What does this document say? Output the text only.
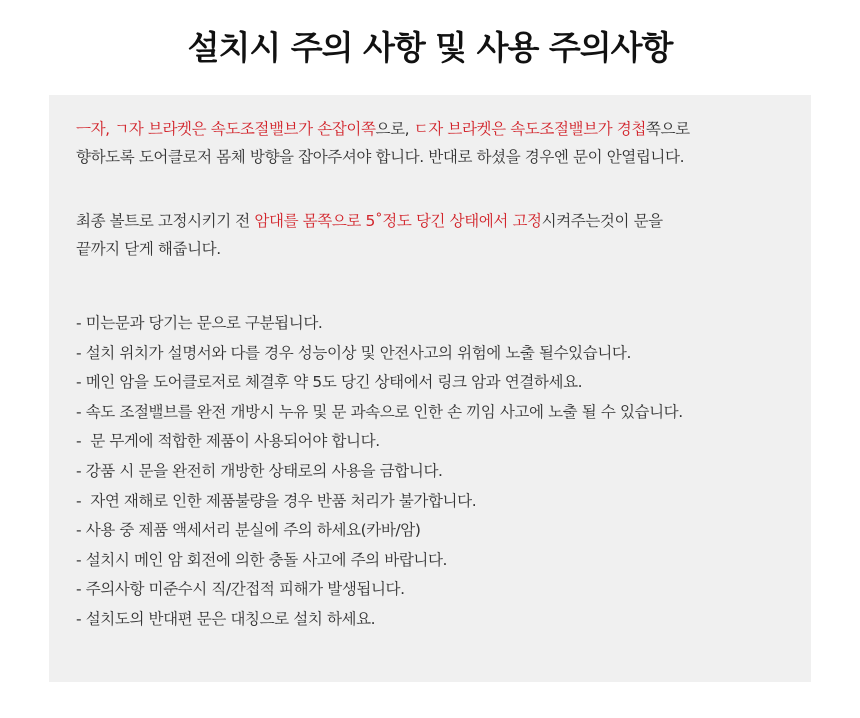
설치시 주의 사항 및 사용 주의사항

ㅡ자, ㄱ자 브라켓은 속도조절밸브가 손잡이쪽으로, ㄷ자 브라켓은 속도조절밸브가 경첩쪽으로
향하도록 도어클로저 몸체 방향을 잡아주셔야 합니다. 반대로 하셨을 경우엔 문이 안열립니다.

최종 볼트로 고정시키기 전 암대를 몸쪽으로 5˚정도 당긴 상태에서 고정시켜주는것이 문을
끝까지 닫게 해줍니다.

- 미는문과 당기는 문으로 구분됩니다.
- 설치 위치가 설명서와 다를 경우 성능이상 및 안전사고의 위험에 노출 될수있습니다.
- 메인 암을 도어클로저로 체결후 약 5도 당긴 상태에서 링크 암과 연결하세요.
- 속도 조절밸브를 완전 개방시 누유 및 문 과속으로 인한 손 끼임 사고에 노출 될 수 있습니다.
-  문 무게에 적합한 제품이 사용되어야 합니다.
- 강품 시 문을 완전히 개방한 상태로의 사용을 금합니다.
-  자연 재해로 인한 제품불량을 경우 반품 처리가 불가합니다.
- 사용 중 제품 액세서리 분실에 주의 하세요(카바/암)
- 설치시 메인 암 회전에 의한 충돌 사고에 주의 바랍니다.
- 주의사항 미준수시 직/간접적 피해가 발생됩니다.
- 설치도의 반대편 문은 대칭으로 설치 하세요.
